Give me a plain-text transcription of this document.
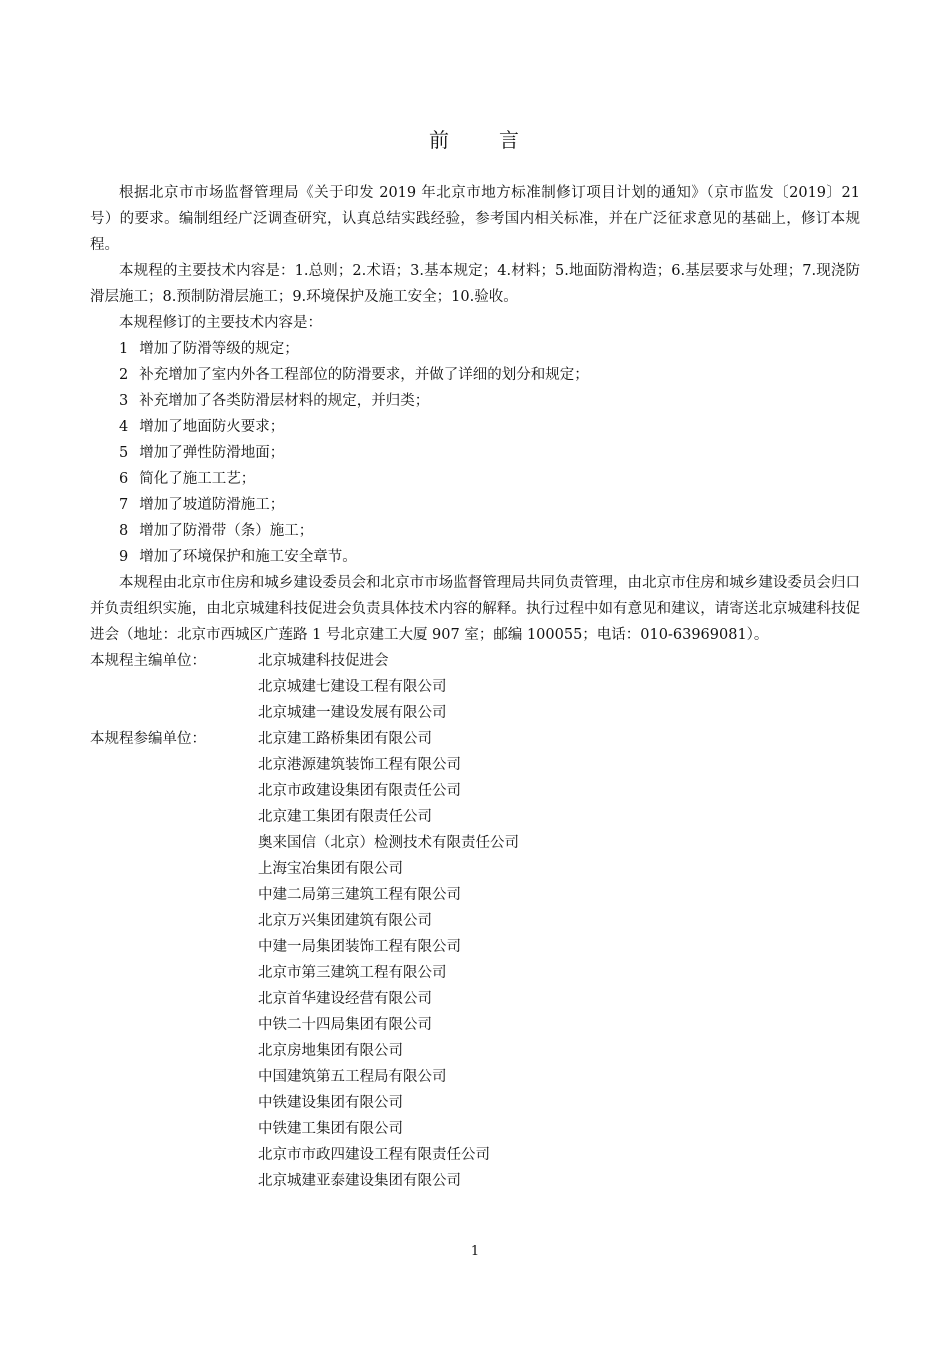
前 言

根据北京市市场监督管理局《关于印发 2019 年北京市地方标准制修订项目计划的通知》（京市监发〔2019〕21 号）的要求。编制组经广泛调查研究，认真总结实践经验，参考国内相关标准，并在广泛征求意见的基础上，修订本规程。

本规程的主要技术内容是：1.总则；2.术语；3.基本规定；4.材料；5.地面防滑构造；6.基层要求与处理；7.现浇防滑层施工；8.预制防滑层施工；9.环境保护及施工安全；10.验收。

本规程修订的主要技术内容是：

1 增加了防滑等级的规定；
2 补充增加了室内外各工程部位的防滑要求，并做了详细的划分和规定；
3 补充增加了各类防滑层材料的规定，并归类；
4 增加了地面防火要求；
5 增加了弹性防滑地面；
6 简化了施工工艺；
7 增加了坡道防滑施工；
8 增加了防滑带（条）施工；
9 增加了环境保护和施工安全章节。

本规程由北京市住房和城乡建设委员会和北京市市场监督管理局共同负责管理，由北京市住房和城乡建设委员会归口并负责组织实施，由北京城建科技促进会负责具体技术内容的解释。执行过程中如有意见和建议，请寄送北京城建科技促进会（地址：北京市西城区广莲路 1 号北京建工大厦 907 室；邮编 100055；电话：010-63969081）。

本规程主编单位：	北京城建科技促进会
北京城建七建设工程有限公司
北京城建一建设发展有限公司
本规程参编单位：	北京建工路桥集团有限公司
北京港源建筑装饰工程有限公司
北京市政建设集团有限责任公司
北京建工集团有限责任公司
奥来国信（北京）检测技术有限责任公司
上海宝冶集团有限公司
中建二局第三建筑工程有限公司
北京万兴集团建筑有限公司
中建一局集团装饰工程有限公司
北京市第三建筑工程有限公司
北京首华建设经营有限公司
中铁二十四局集团有限公司
北京房地集团有限公司
中国建筑第五工程局有限公司
中铁建设集团有限公司
中铁建工集团有限公司
北京市市政四建设工程有限责任公司
北京城建亚泰建设集团有限公司
1
